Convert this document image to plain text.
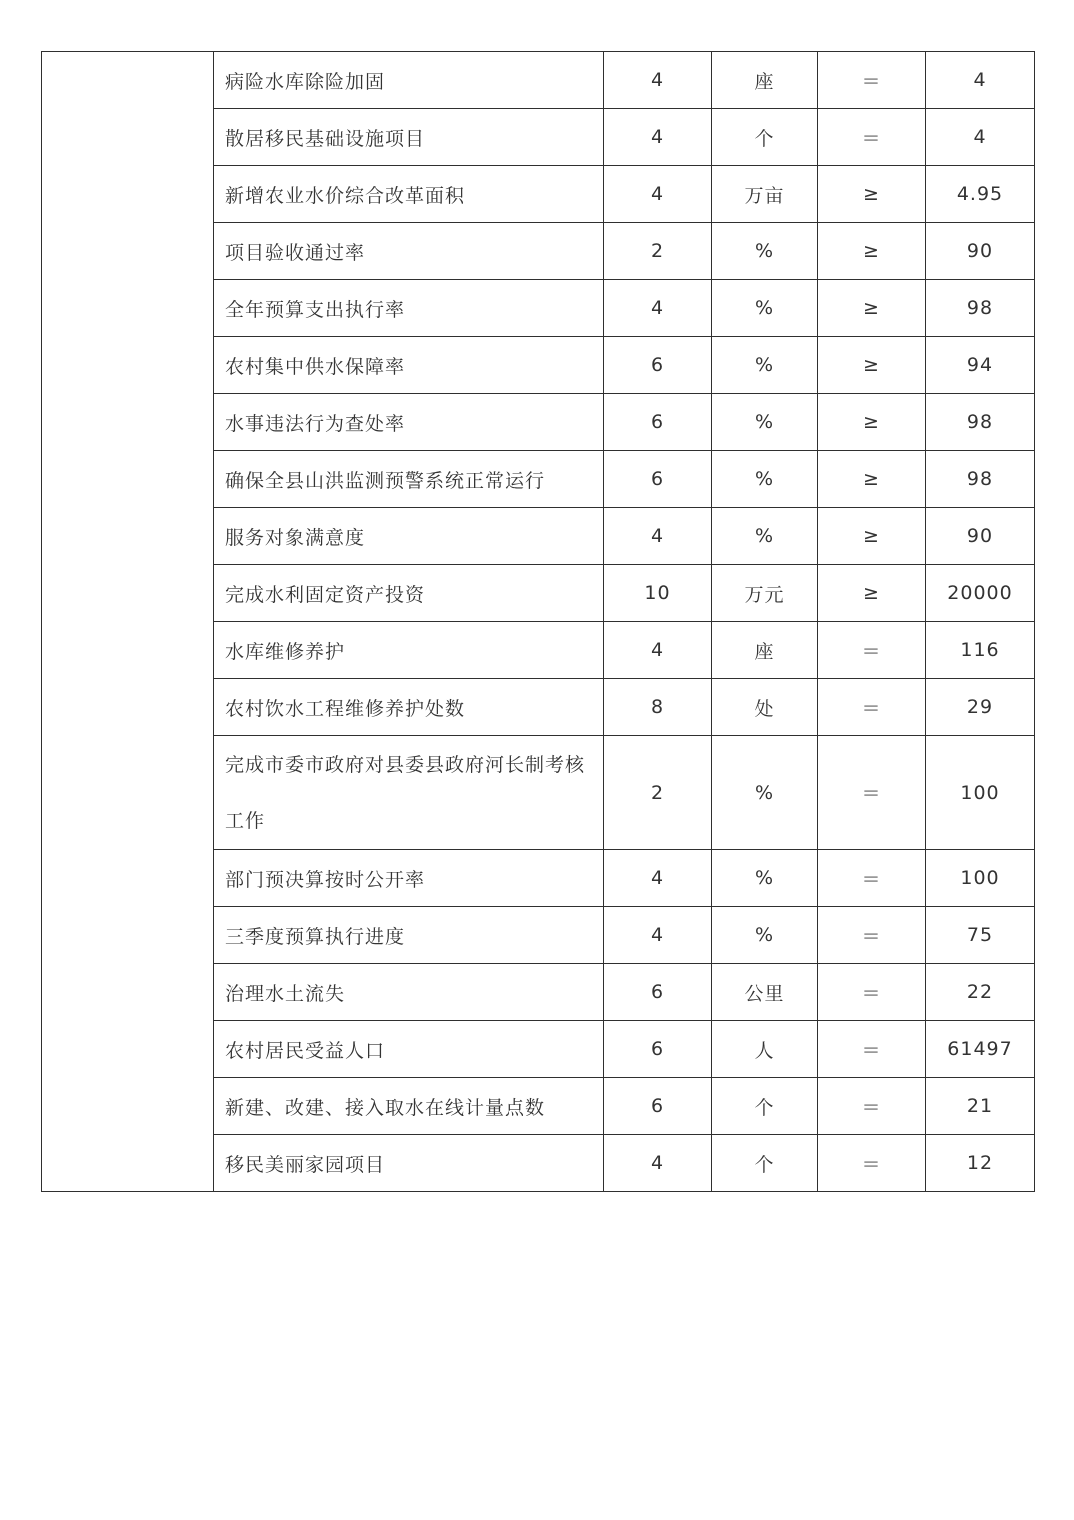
	病险水库除险加固	4	座	＝	4
	散居移民基础设施项目	4	个	＝	4
	新增农业水价综合改革面积	4	万亩	≥	4.95
	项目验收通过率	2	%	≥	90
	全年预算支出执行率	4	%	≥	98
	农村集中供水保障率	6	%	≥	94
	水事违法行为查处率	6	%	≥	98
	确保全县山洪监测预警系统正常运行	6	%	≥	98
	服务对象满意度	4	%	≥	90
	完成水利固定资产投资	10	万元	≥	20000
	水库维修养护	4	座	＝	116
	农村饮水工程维修养护处数	8	处	＝	29
	完成市委市政府对县委县政府河长制考核工作	2	%	＝	100
	部门预决算按时公开率	4	%	＝	100
	三季度预算执行进度	4	%	＝	75
	治理水土流失	6	公里	＝	22
	农村居民受益人口	6	人	＝	61497
	新建、改建、接入取水在线计量点数	6	个	＝	21
	移民美丽家园项目	4	个	＝	12
